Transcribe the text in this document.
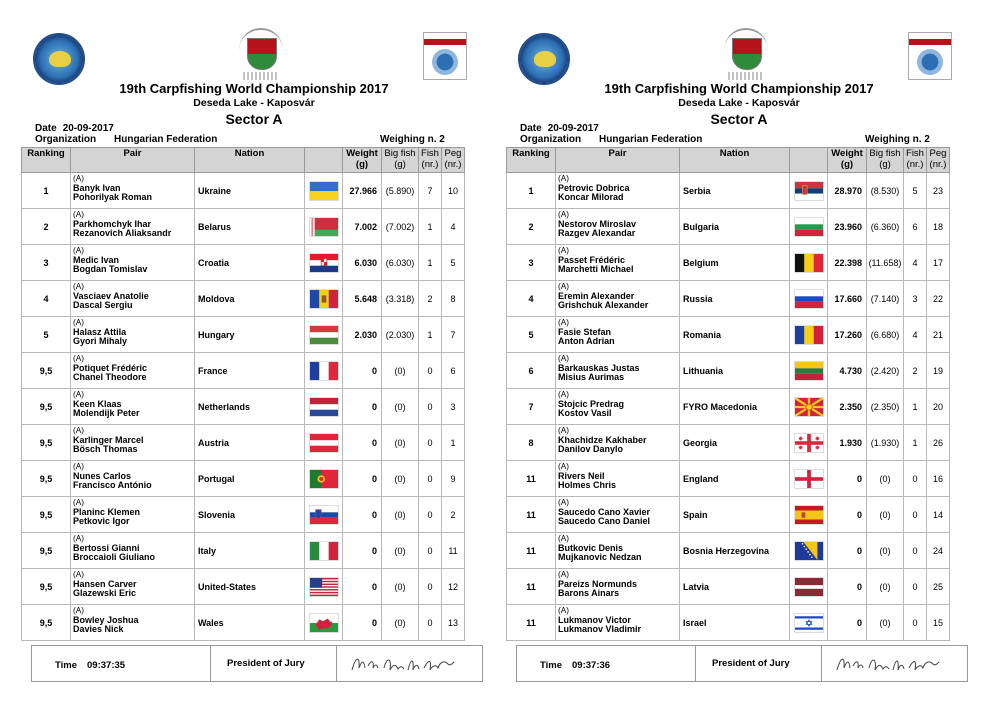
19th Carpfishing World Championship 2017
Deseda Lake - Kaposvár
Sector A
Date 20-09-2017
Organization Hungarian Federation	Weighing n. 2
Ranking	Pair	Nation		Weight
(g)	Big fish
(g)	Fish
(nr.)	Peg
(nr.)
1	(A)
Banyk Ivan
Pohorilyak Roman	Ukraine		27.966	(5.890)	7	10
2	(A)
Parkhomchyk Ihar
Rezanovich Aliaksandr	Belarus		7.002	(7.002)	1	4
3	(A)
Medic Ivan
Bogdan Tomislav	Croatia		6.030	(6.030)	1	5
4	(A)
Vasciaev Anatolie
Dascal Sergiu	Moldova		5.648	(3.318)	2	8
5	(A)
Halasz Attila
Gyori Mihaly	Hungary		2.030	(2.030)	1	7
9,5	(A)
Potiquet Frédéric
Chanel Theodore	France		0	(0)	0	6
9,5	(A)
Keen Klaas
Molendijk Peter	Netherlands		0	(0)	0	3
9,5	(A)
Karlinger Marcel
Bösch Thomas	Austria		0	(0)	0	1
9,5	(A)
Nunes Carlos
Francisco António	Portugal		0	(0)	0	9
9,5	(A)
Planinc Klemen
Petkovic Igor	Slovenia		0	(0)	0	2
9,5	(A)
Bertossi Gianni
Broccaioli Giuliano	Italy		0	(0)	0	11
9,5	(A)
Hansen Carver
Glazewski Eric	United-States		0	(0)	0	12
9,5	(A)
Bowley Joshua
Davies Nick	Wales		0	(0)	0	13
Time 09:37:35	President of Jury
19th Carpfishing World Championship 2017
Deseda Lake - Kaposvár
Sector A
Date 20-09-2017
Organization Hungarian Federation	Weighing n. 2
Ranking	Pair	Nation		Weight
(g)	Big fish
(g)	Fish
(nr.)	Peg
(nr.)
1	(A)
Petrovic Dobrica
Koncar Milorad	Serbia		28.970	(8.530)	5	23
2	(A)
Nestorov Miroslav
Razgev Alexandar	Bulgaria		23.960	(6.360)	6	18
3	(A)
Passet Frédéric
Marchetti Michael	Belgium		22.398	(11.658)	4	17
4	(A)
Eremin Alexander
Grishchuk Alexander	Russia		17.660	(7.140)	3	22
5	(A)
Fasie Stefan
Anton Adrian	Romania		17.260	(6.680)	4	21
6	(A)
Barkauskas Justas
Misius Aurimas	Lithuania		4.730	(2.420)	2	19
7	(A)
Stojcic Predrag
Kostov Vasil	FYRO Macedonia		2.350	(2.350)	1	20
8	(A)
Khachidze Kakhaber
Danilov Danylo	Georgia		1.930	(1.930)	1	26
11	(A)
Rivers Neil
Holmes Chris	England		0	(0)	0	16
11	(A)
Saucedo Cano Xavier
Saucedo Cano Daniel	Spain		0	(0)	0	14
11	(A)
Butkovic Denis
Mujkanovic Nedzan	Bosnia Herzegovina		0	(0)	0	24
11	(A)
Pareizs Normunds
Barons Ainars	Latvia		0	(0)	0	25
11	(A)
Lukmanov Victor
Lukmanov Vladimir	Israel		0	(0)	0	15
Time 09:37:36	President of Jury
